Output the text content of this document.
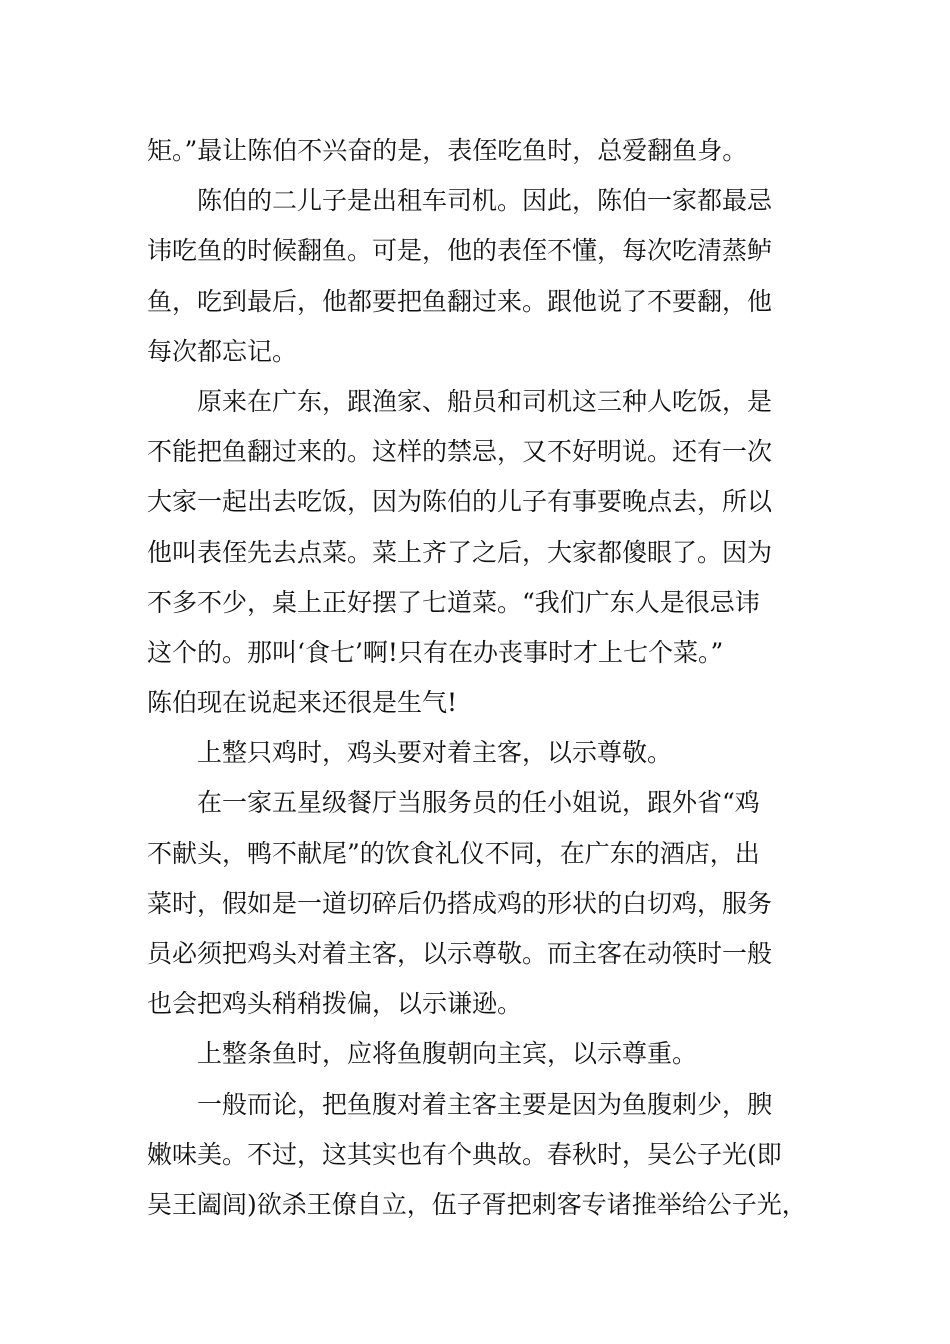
矩。”最让陈伯不兴奋的是，表侄吃鱼时，总爱翻鱼身。
陈伯的二儿子是出租车司机。因此，陈伯一家都最忌
讳吃鱼的时候翻鱼。可是，他的表侄不懂，每次吃清蒸鲈
鱼，吃到最后，他都要把鱼翻过来。跟他说了不要翻，他
每次都忘记。
原来在广东，跟渔家、船员和司机这三种人吃饭，是
不能把鱼翻过来的。这样的禁忌，又不好明说。还有一次
大家一起出去吃饭，因为陈伯的儿子有事要晚点去，所以
他叫表侄先去点菜。菜上齐了之后，大家都傻眼了。因为
不多不少，桌上正好摆了七道菜。“我们广东人是很忌讳
这个的。那叫‘食七’啊!只有在办丧事时才上七个菜。”
陈伯现在说起来还很是生气!
上整只鸡时，鸡头要对着主客，以示尊敬。
在一家五星级餐厅当服务员的任小姐说，跟外省“鸡
不献头，鸭不献尾”的饮食礼仪不同，在广东的酒店，出
菜时，假如是一道切碎后仍搭成鸡的形状的白切鸡，服务
员必须把鸡头对着主客，以示尊敬。而主客在动筷时一般
也会把鸡头稍稍拨偏，以示谦逊。
上整条鱼时，应将鱼腹朝向主宾，以示尊重。
一般而论，把鱼腹对着主客主要是因为鱼腹刺少，腴
嫩味美。不过，这其实也有个典故。春秋时，吴公子光(即
吴王阖闾)欲杀王僚自立，伍子胥把刺客专诸推举给公子光，
